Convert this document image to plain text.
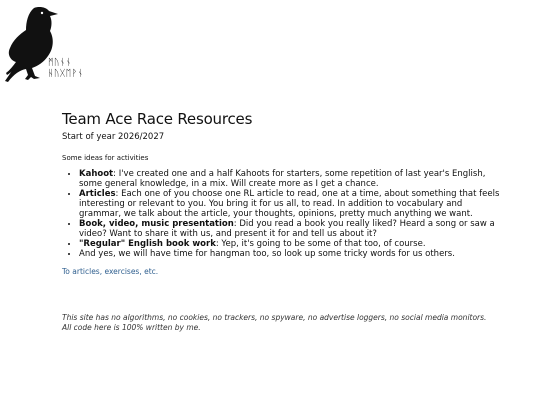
ᛗᚢᚾᚾ
ᚺᚢᚷᛖᚹᚾ
Team Ace Race Resources

Start of year 2026/2027

Some ideas for activities

• Kahoot: I've created one and a half Kahoots for starters, some repetition of last year's English, some general knowledge, in a mix. Will create more as I get a chance.
• Articles: Each one of you choose one RL article to read, one at a time, about something that feels interesting or relevant to you. You bring it for us all, to read. In addition to vocabulary and grammar, we talk about the article, your thoughts, opinions, pretty much anything we want.
• Book, video, music presentation: Did you read a book you really liked? Heard a song or saw a video? Want to share it with us, and present it for and tell us about it?
• "Regular" English book work: Yep, it's going to be some of that too, of course.
• And yes, we will have time for hangman too, so look up some tricky words for us others.
To articles, exercises, etc.

This site has no algorithms, no cookies, no trackers, no spyware, no advertise loggers, no social media monitors.

All code here is 100% written by me.
